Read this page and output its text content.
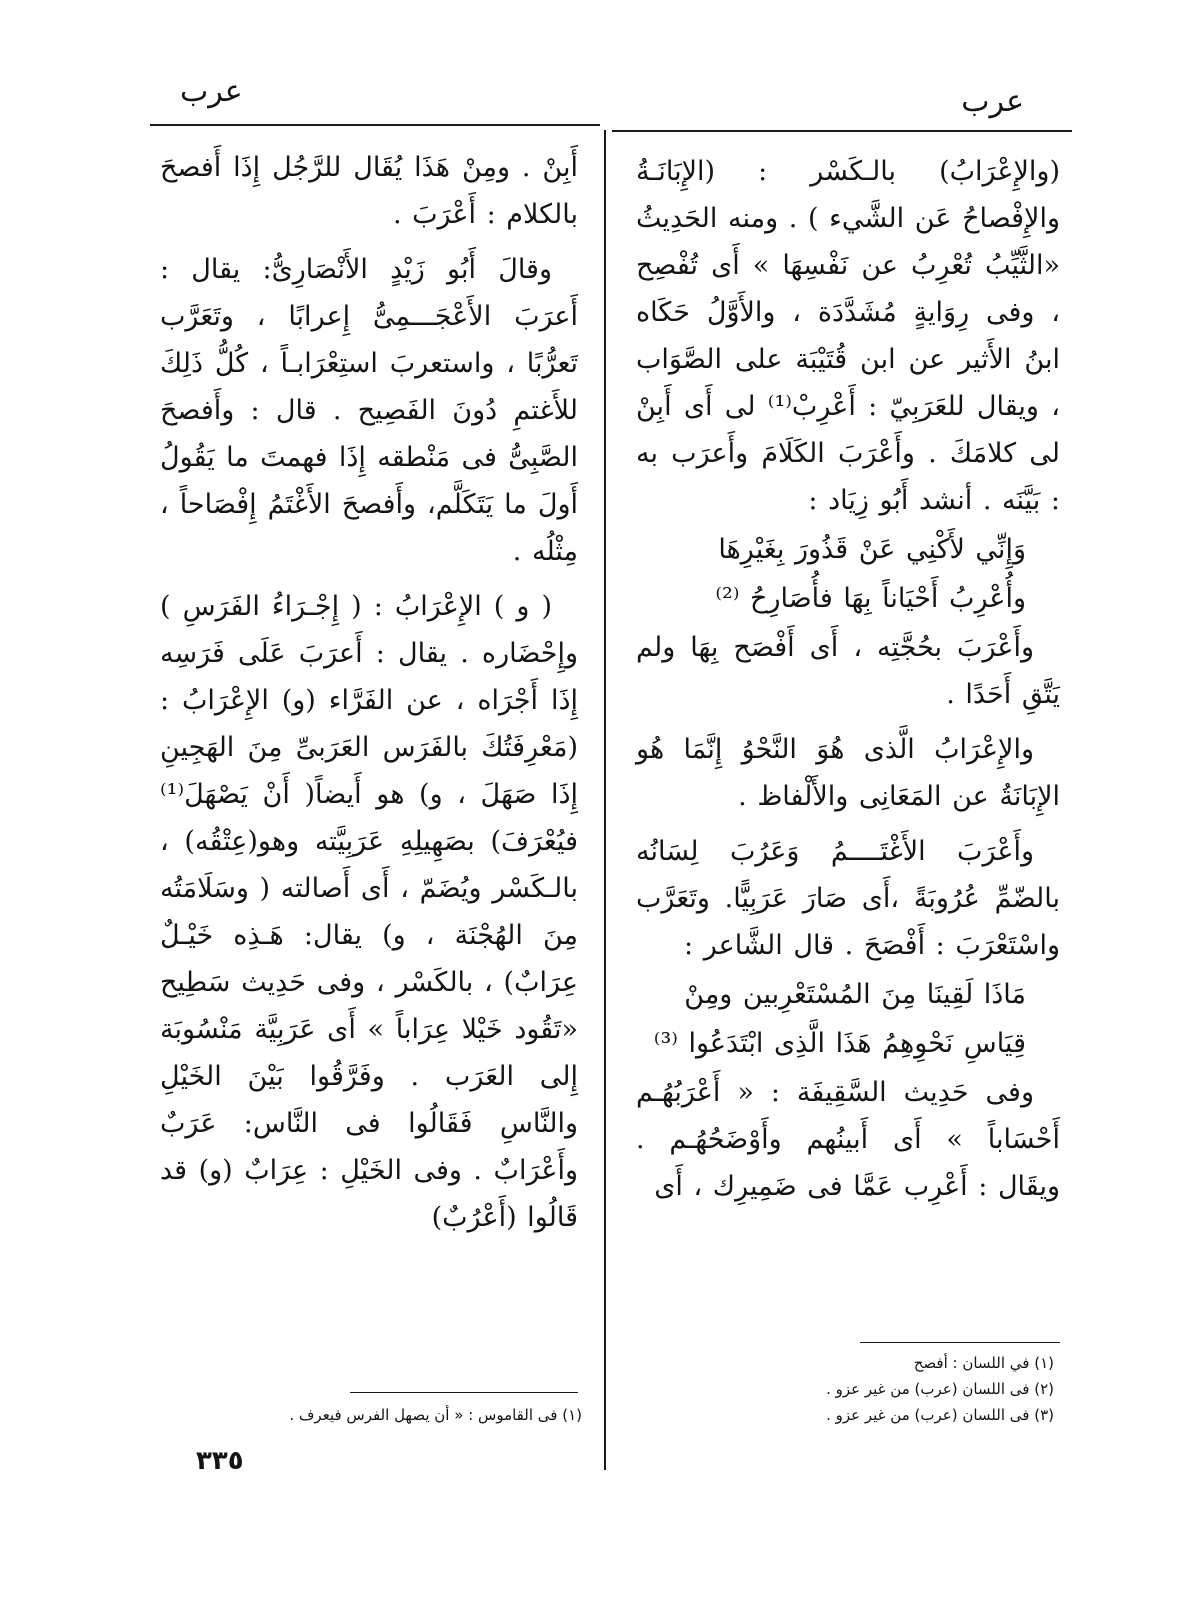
عرب	عرب

(والإِعْرَابُ) بالـكَسْر : (الإِبَانَـةُ والإِفْصاحُ عَن الشَّيء ) . ومنه الحَدِيثُ «الثَّيِّبُ تُعْرِبُ عن نَفْسِهَا » أَى تُفْصِح ، وفى رِوَايةٍ مُشَدَّدَة ، والأَوَّلُ حَكَاه ابنُ الأَثير عن ابن قُتَيْبَة على الصَّوَاب ، ويقال للعَرَبِيّ : أَعْرِبْ⁽¹⁾ لى أَى أَبِنْ لى كلامَكَ . وأَعْرَبَ الكَلَامَ وأَعرَب به : بَيَّنَه . أنشد أَبُو زِيَاد :

وَإِنِّي لأَكْنِي عَنْ قَذُورَ بِغَيْرِهَا

وأُعْرِبُ أَحْيَاناً بِهَا فأُصَارِحُ ⁽²⁾

وأَعْرَبَ بحُجَّتِه ، أَى أَفْصَح بِهَا ولم يَتَّقِ أَحَدًا .

والإِعْرَابُ الَّذى هُوَ النَّحْوُ إِنَّمَا هُو الإِبَانَةُ عن المَعَانِى والأَلْفاظ .

وأَعْرَبَ الأَغْتَــــمُ وَعَرُبَ لِسَانُه بالضّمِّ عُرُوبَةً ،أَى صَارَ عَرَبِيًّا. وتَعَرَّب واسْتَعْرَبَ : أَفْصَحَ . قال الشَّاعر :

مَاذَا لَقِينَا مِنَ المُسْتَعْرِبين ومِنْ

قِيَاسِ نَحْوِهِمُ هَذَا الَّذِى ابْتَدَعُوا ⁽³⁾

وفى حَدِيث السَّقِيفَة : « أَعْرَبُهُـم أَحْسَاباً » أَى أَبينُهم وأَوْضَحُهُـم . ويقَال : أَعْرِب عَمَّا فى ضَمِيرِك ، أَى

أَبِنْ . ومِنْ هَذَا يُقَال للرَّجُل إِذَا أَفصحَ بالكلام : أَعْرَبَ .

وقالَ أَبُو زَيْدٍ الأَنْصَارِىُّ: يقال : أَعرَبَ الأَعْجَـــمِىُّ إِعرابًا ، وتَعَرَّب تَعرُّبًا ، واستعربَ استِعْرَابـاً ، كُلُّ ذَلِكَ للأَغتمِ دُونَ الفَصِيح . قال : وأَفصحَ الصَّبِىُّ فى مَنْطقه إِذَا فهمتَ ما يَقُولُ أَولَ ما يَتَكَلَّم، وأَفصحَ الأَغْتَمُ إِفْصَاحاً ، مِثْلُه .

( و ) الإِعْرَابُ : ( إِجْـرَاءُ الفَرَسِ ) وإِحْضَاره . يقال : أَعرَبَ عَلَى فَرَسِه إِذَا أَجْرَاه ، عن الفَرَّاء (و) الإِعْرَابُ : (مَعْرِفَتُكَ بالفَرَس العَرَبىِّ مِنَ الهَجِينِ إِذَا صَهَلَ ، و) هو أَيضاً( أَنْ يَصْهَلَ⁽¹⁾ فيُعْرَفَ) بصَهِيلِهِ عَرَبِيَّته وهو(عِتْقُه) ، بالـكَسْر ويُضَمّ ، أَى أَصالته ( وسَلَامَتُه مِنَ الهُجْنَة ، و) يقال: هَـذِه خَيْـلٌ عِرَابٌ) ، بالكَسْر ، وفى حَدِيث سَطِيح «تَقُود خَيْلا عِرَاباً » أَى عَرَبِيَّة مَنْسُوبَة إِلى العَرَب . وفَرَّقُوا بَيْنَ الخَيْلِ والنَّاسِ فَقَالُوا فى النَّاس: عَرَبٌ وأَعْرَابٌ . وفى الخَيْلِ : عِرَابٌ (و) قد قَالُوا (أَعْرُبٌ)

(١) في اللسان : أفصح
(٢) فى اللسان (عرب) من غير عزو .
(٣) فى اللسان (عرب) من غير عزو .
(١) فى القاموس : « أن يصهل الفرس فيعرف .
٣٣٥
